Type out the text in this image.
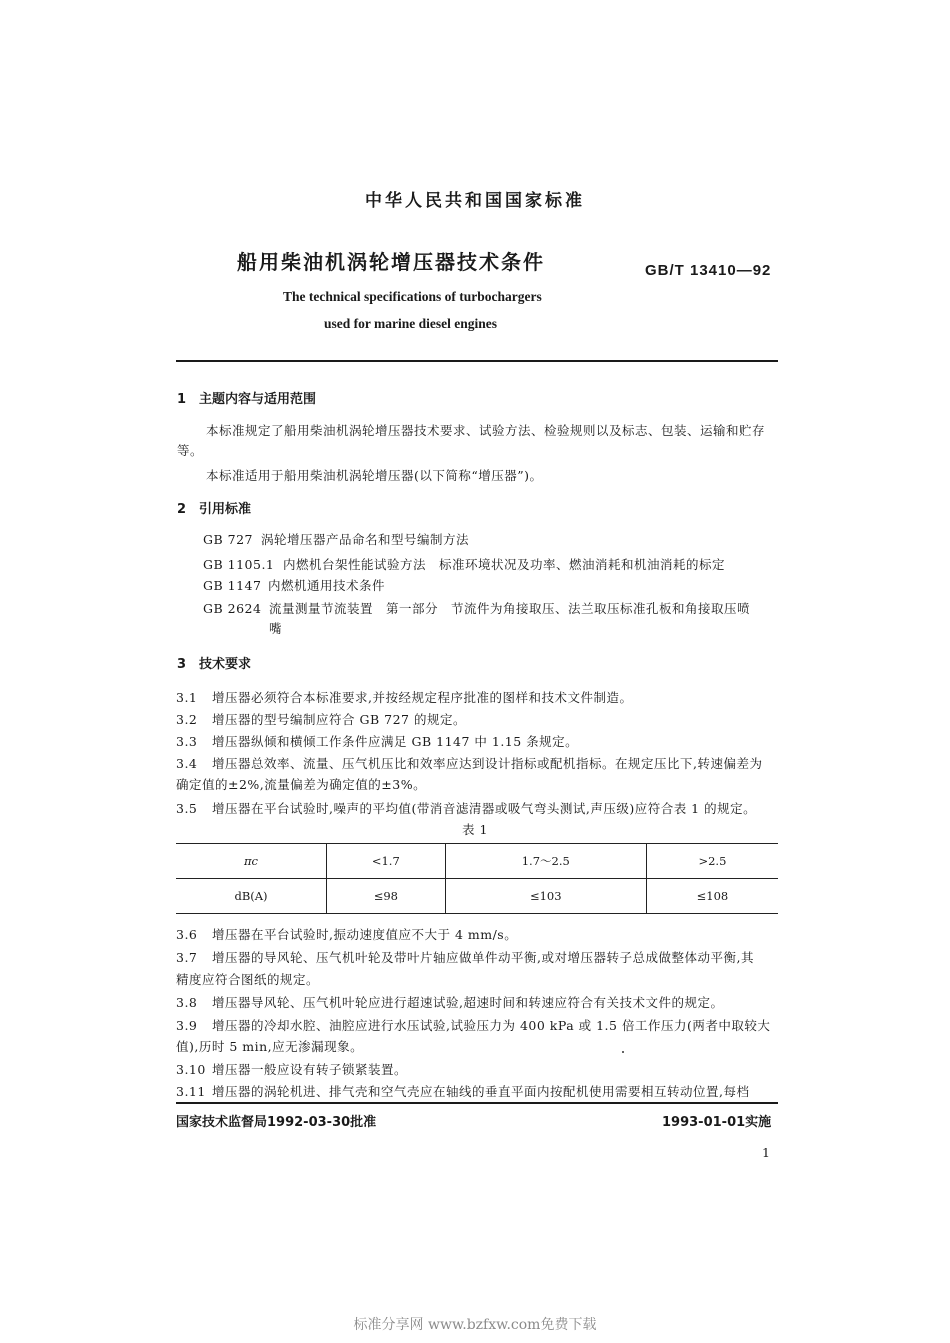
中华人民共和国国家标准
船用柴油机涡轮增压器技术条件	GB/T 13410—92
The technical specifications of turbochargers
used for marine diesel engines
1 主题内容与适用范围
本标准规定了船用柴油机涡轮增压器技术要求、试验方法、检验规则以及标志、包装、运输和贮存
等。
本标准适用于船用柴油机涡轮增压器(以下简称“增压器”)。
2 引用标准
GB 727 涡轮增压器产品命名和型号编制方法
GB 1105.1 内燃机台架性能试验方法　标准环境状况及功率、燃油消耗和机油消耗的标定
GB 1147 内燃机通用技术条件
GB 2624 流量测量节流装置　第一部分　节流件为角接取压、法兰取压标准孔板和角接取压喷
嘴
3 技术要求
3.1 增压器必须符合本标准要求,并按经规定程序批准的图样和技术文件制造。
3.2 增压器的型号编制应符合 GB 727 的规定。
3.3 增压器纵倾和横倾工作条件应满足 GB 1147 中 1.15 条规定。
3.4 增压器总效率、流量、压气机压比和效率应达到设计指标或配机指标。在规定压比下,转速偏差为
确定值的±2%,流量偏差为确定值的±3%。
3.5 增压器在平台试验时,噪声的平均值(带消音滤清器或吸气弯头测试,声压级)应符合表 1 的规定。
表 1
πc	<1.7	1.7～2.5	>2.5
dB(A)	≤98	≤103	≤108
3.6 增压器在平台试验时,振动速度值应不大于 4 mm/s。
3.7 增压器的导风轮、压气机叶轮及带叶片轴应做单件动平衡,或对增压器转子总成做整体动平衡,其
精度应符合图纸的规定。
3.8 增压器导风轮、压气机叶轮应进行超速试验,超速时间和转速应符合有关技术文件的规定。
3.9 增压器的冷却水腔、油腔应进行水压试验,试验压力为 400 kPa 或 1.5 倍工作压力(两者中取较大
值),历时 5 min,应无渗漏现象。
3.10 增压器一般应设有转子锁紧装置。
3.11 增压器的涡轮机进、排气壳和空气壳应在轴线的垂直平面内按配机使用需要相互转动位置,每档
国家技术监督局1992-03-30批准	1993-01-01实施
1
标准分享网 www.bzfxw.com免费下载
